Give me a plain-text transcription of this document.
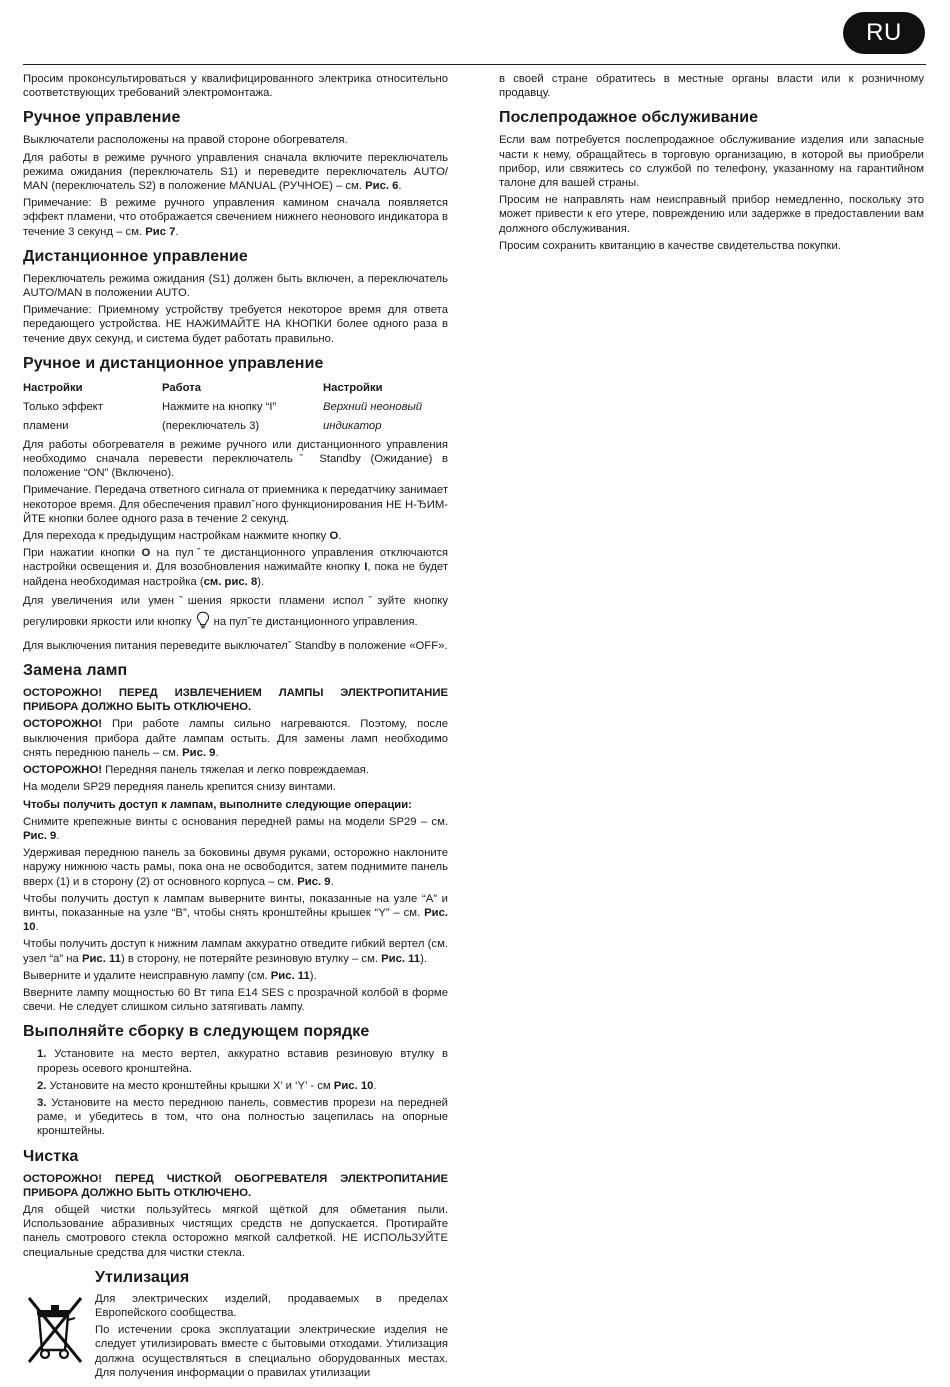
RU

Просим проконсультироваться у квалифицированного электрика относительно соответствующих требований электромонтажа.

Ручное управление

Выключатели расположены на правой стороне обогревателя.

Для работы в режиме ручного управления сначала включите переключатель режима ожидания (переключатель S1) и переведите переключатель AUTO/ MAN (переключатель S2) в положение MANUAL (РУЧНОЕ) – см. Рис. 6.

Примечание: В режиме ручного управления камином сначала появляется эффект пламени, что отображается свечением нижнего неонового индикатора в течение 3 секунд – см. Рис 7.

Дистанционное управление

Переключатель режима ожидания (S1) должен быть включен, а переключатель AUTO/MAN в положении AUTO.

Примечание: Приемному устройству требуется некоторое время для ответа передающего устройства. НЕ НАЖИМАЙТЕ НА КНОПКИ более одного раза в течение двух секунд, и система будет работать правильно.

Ручное и дистанционное управление
Настройки	Работа	Настройки
Только эффект	Нажмите на кнопку “I”	Верхний неоновый
пламени	(переключатель 3)	индикатор

Для работы обогревателя в режиме ручного или дистанционного управления необходимо сначала перевести переключательˇ Standby (Ожидание) в положение “ON” (Включено).

Примечание. Передача ответного сигнала от приемника к передатчику занимает некоторое время. Для обеспечения правилˇного функционирования НЕ Н-ЂИМ-ЙТЕ кнопки более одного раза в течение 2 секунд.

Для перехода к предыдущим настройкам нажмите кнопку O.

При нажатии кнопки O на пулˇте дистанционного управления отключаются настройки освещения и. Для возобновления нажимайте кнопку I, пока не будет найдена необходимая настройка (см. рис. 8).

Для увеличения или уменˇшения яркости пламени исполˇзуйте кнопку регулировки яркости или кнопку на пулˇте дистанционного управления.

Для выключения питания переведите выключателˇ Standby в положение «OFF».

Замена ламп

ОСТОРОЖНО! ПЕРЕД ИЗВЛЕЧЕНИЕМ ЛАМПЫ ЭЛЕКТРОПИТАНИЕ ПРИБОРА ДОЛЖНО БЫТЬ ОТКЛЮЧЕНО.

ОСТОРОЖНО! При работе лампы сильно нагреваются. Поэтому, после выключения прибора дайте лампам остыть. Для замены ламп необходимо снять переднюю панель – см. Рис. 9.

ОСТОРОЖНО! Передняя панель тяжелая и легко повреждаемая.

На модели SP29 передняя панель крепится снизу винтами.

Чтобы получить доступ к лампам, выполните следующие операции:

Снимите крепежные винты с основания передней рамы на модели SP29 – см. Рис. 9.

Удерживая переднюю панель за боковины двумя руками, осторожно наклоните наружу нижнюю часть рамы, пока она не освободится, затем поднимите панель вверх (1) и в сторону (2) от основного корпуса – см. Рис. 9.

Чтобы получить доступ к лампам выверните винты, показанные на узле “A” и винты, показанные на узле “B”, чтобы снять кронштейны крышек “Y” – см. Рис. 10.

Чтобы получить доступ к нижним лампам аккуратно отведите гибкий вертел (см. узел “a” на Рис. 11) в сторону, не потеряйте резиновую втулку – см. Рис. 11).

Выверните и удалите неисправную лампу (см. Рис. 11).

Вверните лампу мощностью 60 Вт типа E14 SES с прозрачной колбой в форме свечи. Не следует слишком сильно затягивать лампу.

Выполняйте сборку в следующем порядке
1. Установите на место вертел, аккуратно вставив резиновую втулку в прорезь осевого кронштейна.
2. Установите на место кронштейны крышки X’ и ‘Y’ - см Рис. 10.
3. Установите на место переднюю панель, совместив прорези на передней раме, и убедитесь в том, что она полностью зацепилась на опорные кронштейны.
Чистка

ОСТОРОЖНО! ПЕРЕД ЧИСТКОЙ ОБОГРЕВАТЕЛЯ ЭЛЕКТРОПИТАНИЕ ПРИБОРА ДОЛЖНО БЫТЬ ОТКЛЮЧЕНО.

Для общей чистки пользуйтесь мягкой щёткой для обметания пыли. Использование абразивных чистящих средств не допускается. Протирайте панель смотрового стекла осторожно мягкой салфеткой. НЕ ИСПОЛЬЗУЙТЕ специальные средства для чистки стекла.

Утилизация

Для электрических изделий, продаваемых в пределах Европейского сообщества.

По истечении срока эксплуатации электрические изделия не следует утилизировать вместе с бытовыми отходами. Утилизация должна осуществляться в специально оборудованных местах. Для получения информации о правилах утилизации

в своей стране обратитесь в местные органы власти или к розничному продавцу.

Послепродажное обслуживание

Если вам потребуется послепродажное обслуживание изделия или запасные части к нему, обращайтесь в торговую организацию, в которой вы приобрели прибор, или свяжитесь со службой по телефону, указанному на гарантийном талоне для вашей страны.

Просим не направлять нам неисправный прибор немедленно, поскольку это может привести к его утере, повреждению или задержке в предоставлении вам должного обслуживания.

Просим сохранить квитанцию в качестве свидетельства покупки.
